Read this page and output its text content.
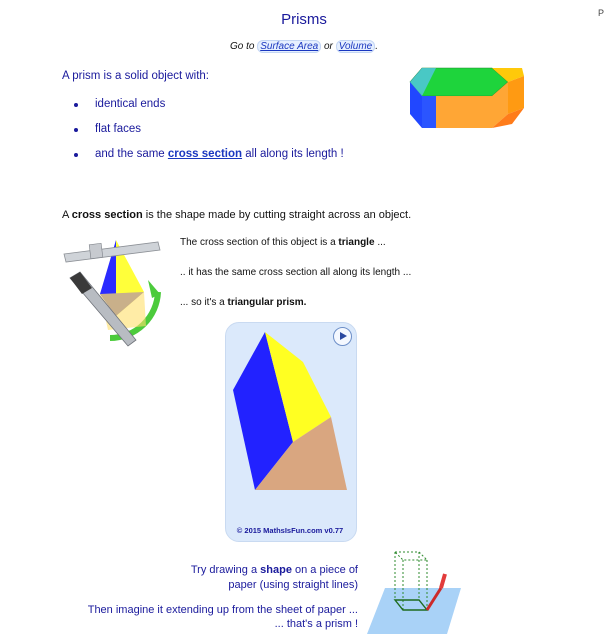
P
Prisms
Go to Surface Area or Volume .
A prism is a solid object with:
identical ends
flat faces
and the same cross section all along its length !
A cross section is the shape made by cutting straight across an object.
The cross section of this object is a triangle ...
.. it has the same cross section all along its length ...
... so it's a triangular prism.
© 2015 MathsIsFun.com v0.77
Try drawing a shape on a piece of
paper (using straight lines)
Then imagine it extending up from the sheet of paper ...
... that's a prism !
